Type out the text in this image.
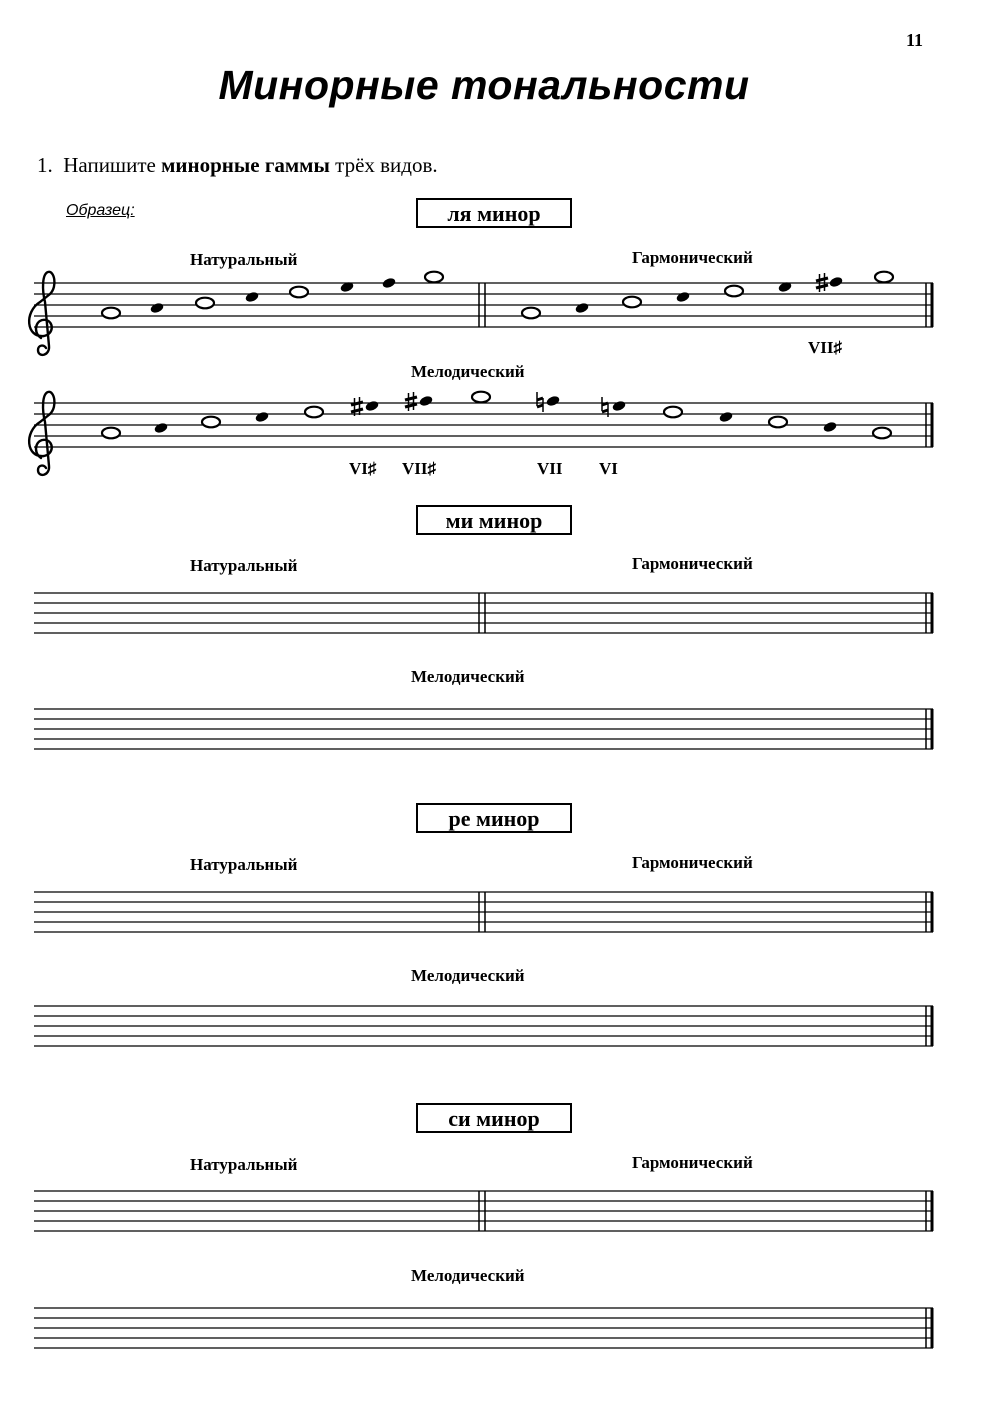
11
Минорные тональности
1. Напишите минорные гаммы трёх видов.
Образец:	ля минор
ми минор
ре минор
си минор
Натуральный	Гармонический
Мелодический
Натуральный	Гармонический
Мелодический
Натуральный	Гармонический
Мелодический
Натуральный	Гармонический
Мелодический
VII♯
VI♯ VII♯	VII VI
